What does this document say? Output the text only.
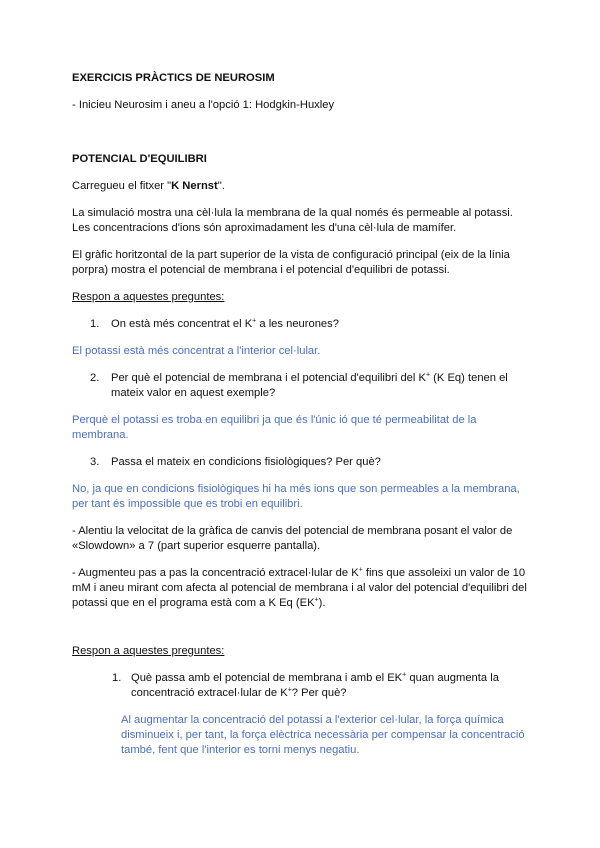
EXERCICIS PRÀCTICS DE NEUROSIM
- Inicieu Neurosim i aneu a l'opció 1: Hodgkin-Huxley
POTENCIAL D'EQUILIBRI
Carregueu el fitxer "K Nernst".
La simulació mostra una cèl·lula la membrana de la qual només és permeable al potassi.
Les concentracions d'ions són aproximadament les d'una cèl·lula de mamífer.
El gràfic horitzontal de la part superior de la vista de configuració principal (eix de la línia
porpra) mostra el potencial de membrana i el potencial d'equilibri de potassi.
Respon a aquestes preguntes:
1. On està més concentrat el K+ a les neurones?
El potassi està més concentrat a l'interior cel·lular.
2. Per què el potencial de membrana i el potencial d'equilibri del K+ (K Eq) tenen el
mateix valor en aquest exemple?
Perquè el potassi es troba en equilibri ja que és l'únic ió que té permeabilitat de la
membrana.
3. Passa el mateix en condicions fisiològiques? Per què?
No, ja que en condicions fisiològiques hi ha més ions que son permeables a la membrana,
per tant és impossible que es trobi en equilibri.
- Alentiu la velocitat de la gràfica de canvis del potencial de membrana posant el valor de
«Slowdown» a 7 (part superior esquerre pantalla).
- Augmenteu pas a pas la concentració extracel·lular de K+ fins que assoleixi un valor de 10
mM i aneu mirant com afecta al potencial de membrana i al valor del potencial d'equilibri del
potassi que en el programa està com a K Eq (EK+).
Respon a aquestes preguntes:
1. Què passa amb el potencial de membrana i amb el EK+ quan augmenta la
concentració extracel·lular de K+? Per què?
Al augmentar la concentració del potassi a l'exterior cel·lular, la força química
disminueix i, per tant, la força elèctrica necessària per compensar la concentració
també, fent que l'interior es torni menys negatiu.
